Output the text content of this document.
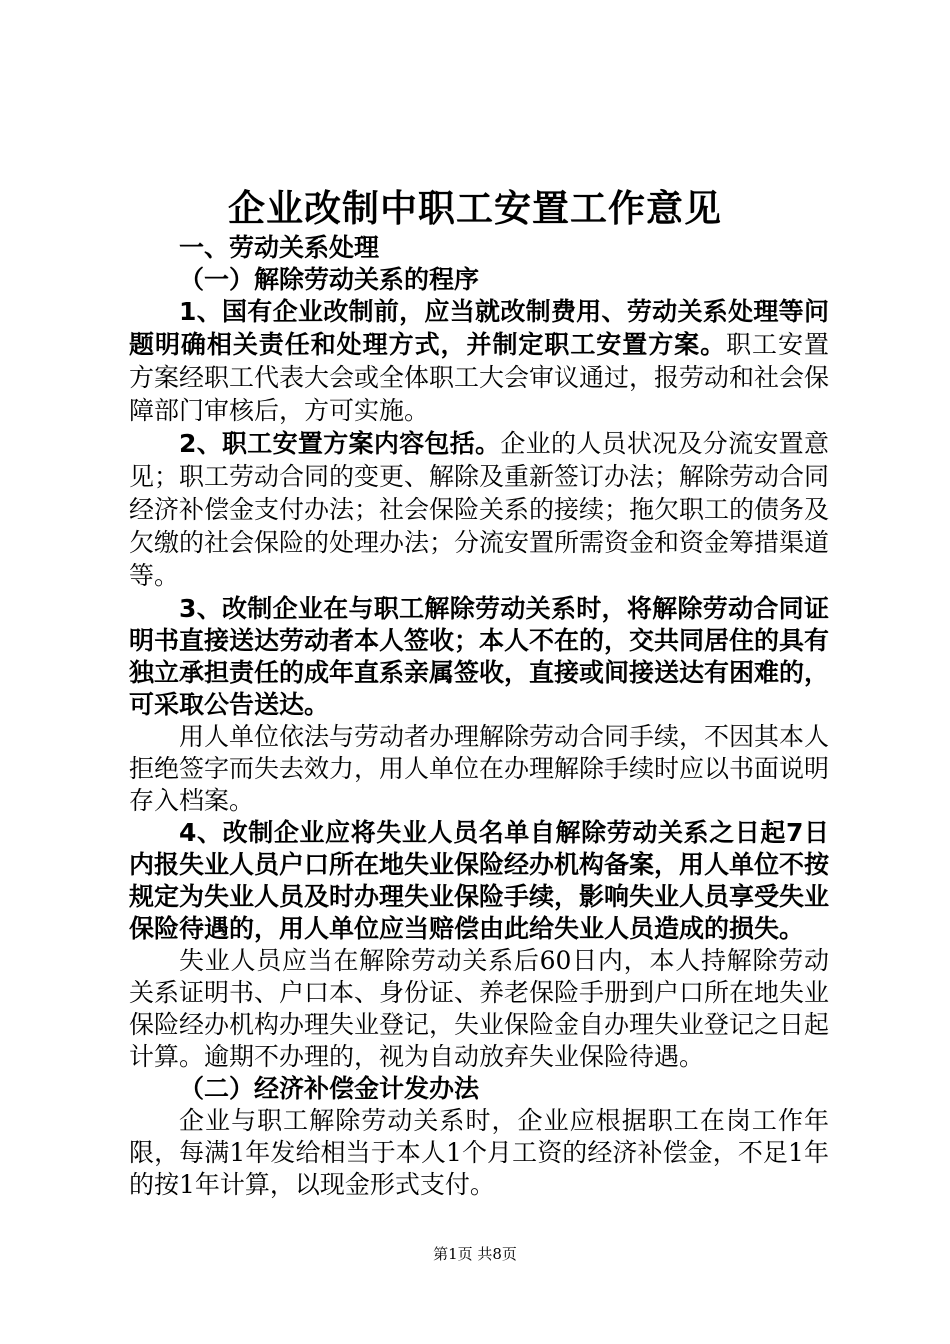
企业改制中职工安置工作意见

一、劳动关系处理

（一）解除劳动关系的程序

1、国有企业改制前，应当就改制费用、劳动关系处理等问题明确相关责任和处理方式，并制定职工安置方案。职工安置方案经职工代表大会或全体职工大会审议通过，报劳动和社会保障部门审核后，方可实施。

2、职工安置方案内容包括。企业的人员状况及分流安置意见；职工劳动合同的变更、解除及重新签订办法；解除劳动合同经济补偿金支付办法；社会保险关系的接续；拖欠职工的债务及欠缴的社会保险的处理办法；分流安置所需资金和资金筹措渠道等。

3、改制企业在与职工解除劳动关系时，将解除劳动合同证明书直接送达劳动者本人签收；本人不在的，交共同居住的具有独立承担责任的成年直系亲属签收，直接或间接送达有困难的，可采取公告送达。

用人单位依法与劳动者办理解除劳动合同手续，不因其本人拒绝签字而失去效力，用人单位在办理解除手续时应以书面说明存入档案。

4、改制企业应将失业人员名单自解除劳动关系之日起7日内报失业人员户口所在地失业保险经办机构备案，用人单位不按规定为失业人员及时办理失业保险手续，影响失业人员享受失业保险待遇的，用人单位应当赔偿由此给失业人员造成的损失。

失业人员应当在解除劳动关系后60日内，本人持解除劳动关系证明书、户口本、身份证、养老保险手册到户口所在地失业保险经办机构办理失业登记，失业保险金自办理失业登记之日起计算。逾期不办理的，视为自动放弃失业保险待遇。

（二）经济补偿金计发办法

企业与职工解除劳动关系时，企业应根据职工在岗工作年限，每满1年发给相当于本人1个月工资的经济补偿金，不足1年的按1年计算，以现金形式支付。

第1页 共8页
